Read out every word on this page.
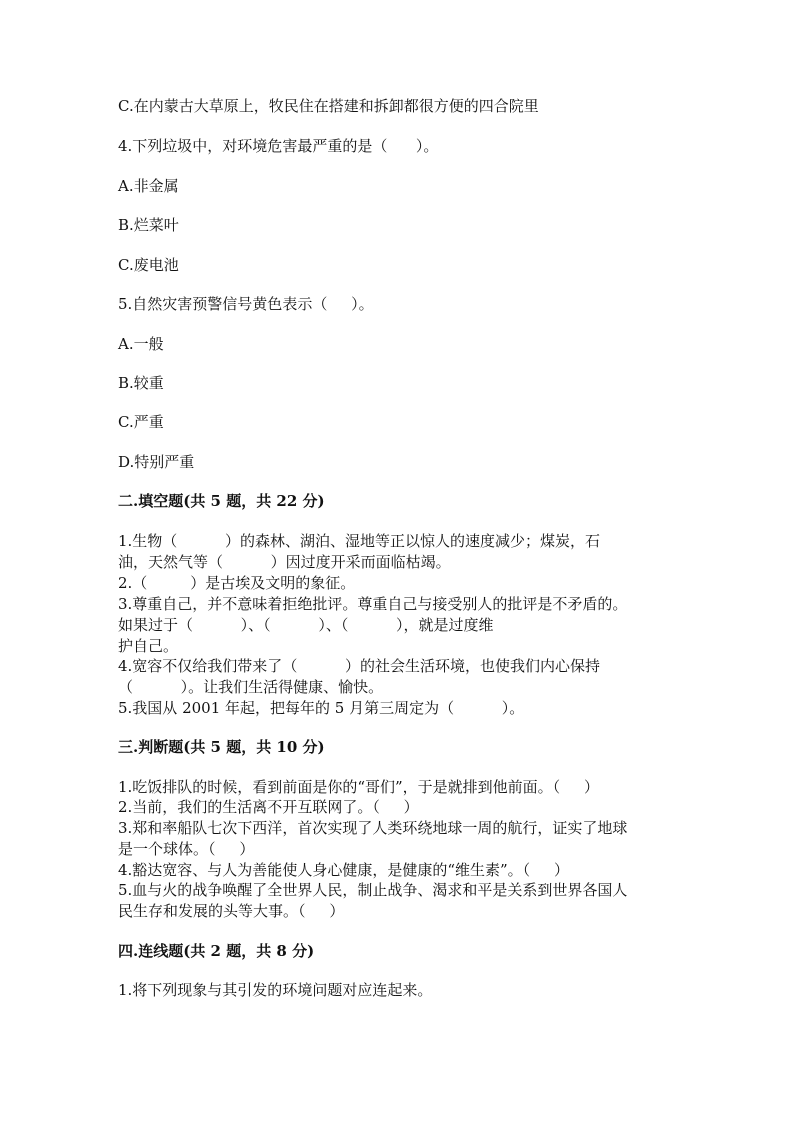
C.在内蒙古大草原上，牧民住在搭建和拆卸都很方便的四合院里
4.下列垃圾中，对环境危害最严重的是（      ）。
A.非金属
B.烂菜叶
C.废电池
5.自然灾害预警信号黄色表示（     ）。
A.一般
B.较重
C.严重
D.特别严重
二.填空题(共 5 题，共 22 分)
1.生物（          ）的森林、湖泊、湿地等正以惊人的速度减少；煤炭，石
油，天然气等（          ）因过度开采而面临枯竭。
2.（         ）是古埃及文明的象征。
3.尊重自己，并不意味着拒绝批评。尊重自己与接受别人的批评是不矛盾的。
如果过于（          ）、（          ）、（          ），就是过度维
护自己。
4.宽容不仅给我们带来了（          ）的社会生活环境，也使我们内心保持
（          ）。让我们生活得健康、愉快。
5.我国从 2001 年起，把每年的 5 月第三周定为（          ）。
三.判断题(共 5 题，共 10 分)
1.吃饭排队的时候，看到前面是你的“哥们”，于是就排到他前面。（     ）
2.当前，我们的生活离不开互联网了。（     ）
3.郑和率船队七次下西洋，首次实现了人类环绕地球一周的航行，证实了地球
是一个球体。（     ）
4.豁达宽容、与人为善能使人身心健康，是健康的“维生素”。（     ）
5.血与火的战争唤醒了全世界人民，制止战争、渴求和平是关系到世界各国人
民生存和发展的头等大事。（     ）
四.连线题(共 2 题，共 8 分)
1.将下列现象与其引发的环境问题对应连起来。
